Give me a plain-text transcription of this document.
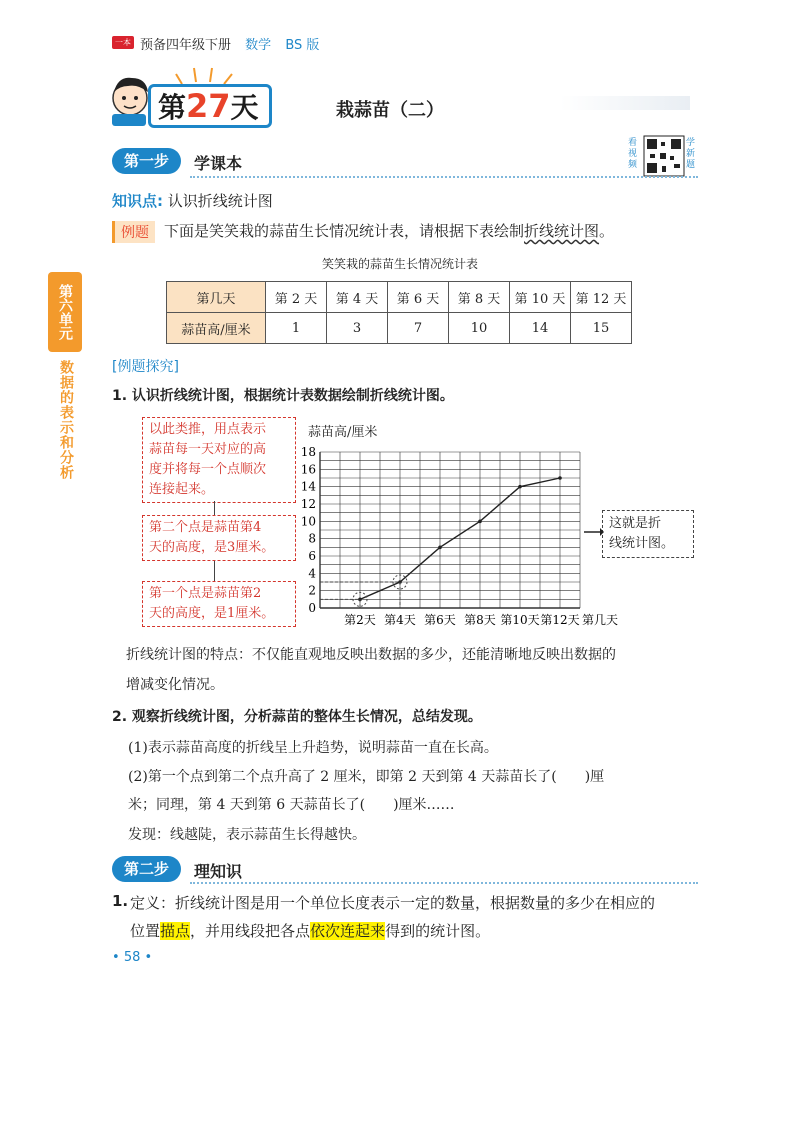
一本 预备四年级下册 数学 BS 版
第27天	栽蒜苗（二）
看视频
学新题
第一步	学课本
第六单元
数据的表示和分析
知识点: 认识折线统计图
例题	下面是笑笑栽的蒜苗生长情况统计表，请根据下表绘制折线统计图。
笑笑栽的蒜苗生长情况统计表
第几天	第 2 天	第 4 天	第 6 天	第 8 天	第 10 天	第 12 天
蒜苗高/厘米	1	3	7	10	14	15
[例题探究]
1. 认识折线统计图，根据统计表数据绘制折线统计图。
以此类推，用点表示
蒜苗每一天对应的高
度并将每一个点顺次
连接起来。
第二个点是蒜苗第4
天的高度，是3厘米。
第一个点是蒜苗第2
天的高度，是1厘米。
这就是折
线统计图。
蒜苗高/厘米
0
2
4
6
8
10
12
14
16
18
第2天 第4天 第6天 第8天 第10天 第12天 第几天
折线统计图的特点：不仅能直观地反映出数据的多少，还能清晰地反映出数据的
增减变化情况。
2. 观察折线统计图，分析蒜苗的整体生长情况，总结发现。
(1)表示蒜苗高度的折线呈上升趋势，说明蒜苗一直在长高。
(2)第一个点到第二个点升高了 2 厘米，即第 2 天到第 4 天蒜苗长了(　　)厘
米；同理，第 4 天到第 6 天蒜苗长了(　　)厘米……
发现：线越陡，表示蒜苗生长得越快。
第二步	理知识
1. 定义：折线统计图是用一个单位长度表示一定的数量，根据数量的多少在相应的
位置描点，并用线段把各点依次连起来得到的统计图。
• 58 •
